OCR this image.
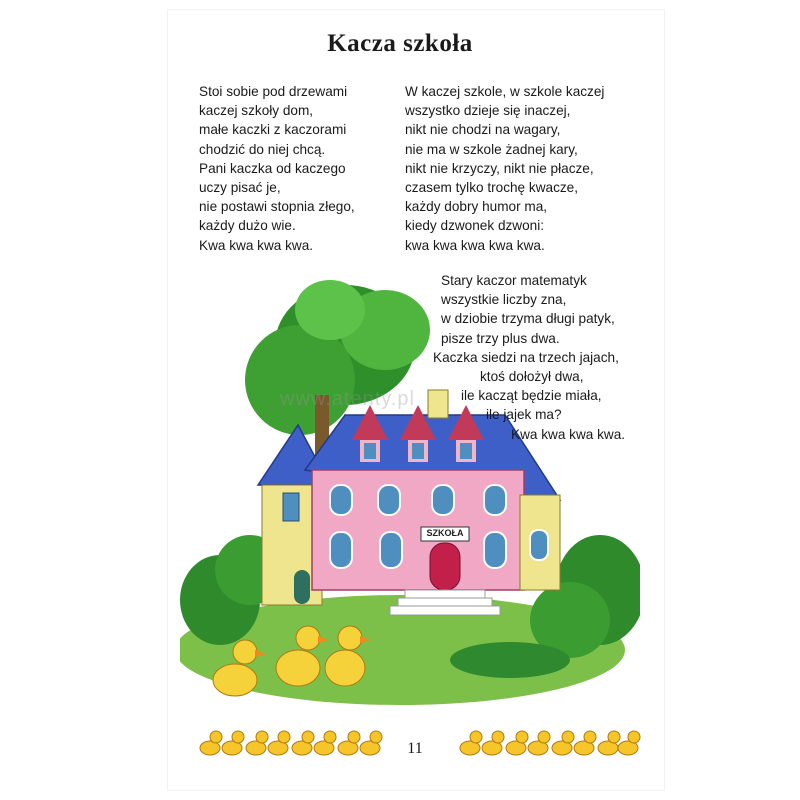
Kacza szkoła
Stoi sobie pod drzewami
kaczej szkoły dom,
małe kaczki z kaczorami
chodzić do niej chcą.
Pani kaczka od kaczego
uczy pisać je,
nie postawi stopnia złego,
każdy dużo wie.
Kwa kwa kwa kwa.
W kaczej szkole, w szkole kaczej
wszystko dzieje się inaczej,
nikt nie chodzi na wagary,
nie ma w szkole żadnej kary,
nikt nie krzyczy, nikt nie płacze,
czasem tylko trochę kwacze,
każdy dobry humor ma,
kiedy dzwonek dzwoni:
kwa kwa kwa kwa kwa.
SZKOŁA
Stary kaczor matematyk
wszystkie liczby zna,
w dziobie trzyma długi patyk,
pisze trzy plus dwa.
Kaczka siedzi na trzech jajach,
ktoś dołożył dwa,
ile kacząt będzie miała,
ile jajek ma?
Kwa kwa kwa kwa.
www.atenty.pl
11
